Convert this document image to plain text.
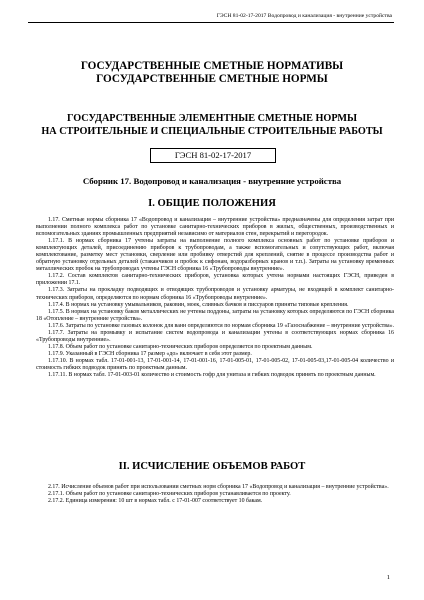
ГЭСН 81-02-17-2017 Водопровод и канализация - внутренние устройства
ГОСУДАРСТВЕННЫЕ СМЕТНЫЕ НОРМАТИВЫ
ГОСУДАРСТВЕННЫЕ СМЕТНЫЕ НОРМЫ
ГОСУДАРСТВЕННЫЕ ЭЛЕМЕНТНЫЕ СМЕТНЫЕ НОРМЫ
НА СТРОИТЕЛЬНЫЕ И СПЕЦИАЛЬНЫЕ СТРОИТЕЛЬНЫЕ РАБОТЫ
ГЭСН 81-02-17-2017
Сборник 17. Водопровод и канализация - внутренние устройства
I. ОБЩИЕ ПОЛОЖЕНИЯ

1.17. Сметные нормы сборника 17 «Водопровод и канализация – внутренние устройства» предназначены для определения затрат при выполнении полного комплекса работ по установке санитарно-технических приборов в жилых, общественных, производственных и вспомогательных зданиях промышленных предприятий независимо от материалов стен, перекрытий и перегородок.

1.17.1. В нормах сборника 17 учтены затраты на выполнение полного комплекса основных работ по установке приборов и комплектующих деталей, присоединению приборов к трубопроводам, а также вспомогательных и сопутствующих работ, включая комплектование, разметку мест установки, сверление или пробивку отверстий для креплений, снятие в процессе производства работ и обратную установку отдельных деталей (стаканчиков и пробок к сифонам, водоразборных кранов и т.п.). Затраты на установку временных металлических пробок на трубопроводах учтены ГЭСН сборника 16 «Трубопроводы внутренние».

1.17.2. Состав комплектов санитарно-технических приборов, установка которых учтена нормами настоящих ГЭСН, приведен в приложении 17.1.

1.17.3. Затраты на прокладку подводящих и отводящих трубопроводов и установку арматуры, не входящей в комплект санитарно-технических приборов, определяются по нормам сборника 16 «Трубопроводы внутренние».

1.17.4. В нормах на установку умывальников, раковин, моек, сливных бачков и писсуаров приняты типовые крепления.

1.17.5. В нормах на установку баков металлических не учтены поддоны, затраты на установку которых определяются по ГЭСН сборника 18 «Отопление – внутренние устройства».

1.17.6. Затраты по установке газовых колонок для ванн определяются по нормам сборника 19 «Газоснабжение – внутренние устройства».

1.17.7. Затраты на промывку и испытание систем водопровода и канализации учтены в соответствующих нормах сборника 16 «Трубопроводы внутренние».

1.17.8. Объем работ по установке санитарно-технических приборов определяется по проектным данным.

1.17.9. Указанный в ГЭСН сборника 17 размер «до» включает в себя этот размер.

1.17.10. В нормах табл. 17-01-001-13, 17-01-001-14, 17-01-001-16, 17-01-005-01, 17-01-005-02, 17-01-005-03,17-01-005-04 количество и стоимость гибких подводок принять по проектным данным.

1.17.11. В нормах табл. 17-01-003-01 количество и стоимость гофр для унитаза и гибких подводок принять по проектным данным.

II. ИСЧИСЛЕНИЕ ОБЪЕМОВ РАБОТ

2.17. Исчисление объемов работ при использовании сметных норм сборника 17 «Водопровод и канализация – внутренние устройства».

2.17.1. Объем работ по установке санитарно-технических приборов устанавливается по проекту.

2.17.2. Единица измерения: 10 шт в нормах табл. с 17-01-007 соответствует 10 бакам.

1
